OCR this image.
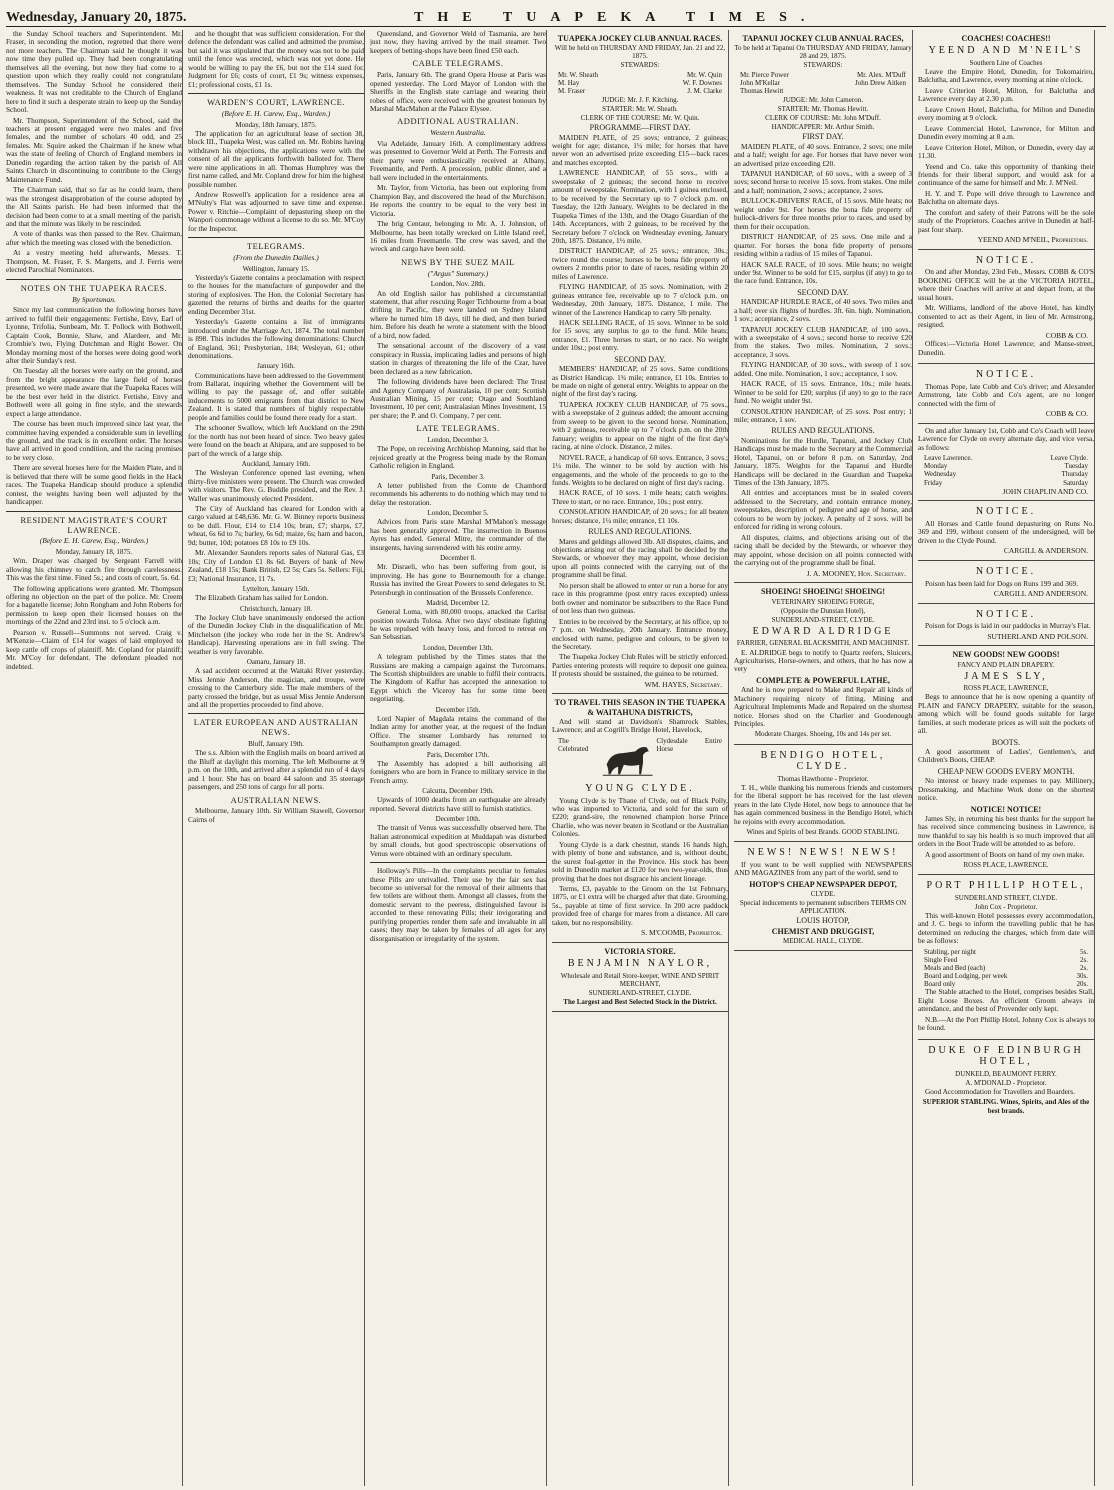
Wednesday, January 20, 1875.	THE TUAPEKA TIMES.

the Sunday School teachers and Superintendent. Mr. Fraser, in seconding the motion, regretted that there were not more teachers. The Chairman said he thought it was now time they pulled up. They had been congratulating themselves all the evening, but now they had come to a question upon which they really could not congratulate themselves. The Sunday School he considered their weakness. It was not creditable to the Church of England here to find it such a desperate strain to keep up the Sunday School.

Mr. Thompson, Superintendent of the School, said the teachers at present engaged were two males and five females, and the number of scholars 40 odd, and 25 females. Mr. Squire asked the Chairman if he knew what was the state of feeling of Church of England members in Dunedin regarding the action taken by the parish of All Saints Church in discontinuing to contribute to the Clergy Maintenance Fund.

The Chairman said, that so far as he could learn, there was the strongest disapprobation of the course adopted by the All Saints parish. He had been informed that the decision had been come to at a small meeting of the parish, and that the minute was likely to be rescinded.

A vote of thanks was then passed to the Rev. Chairman, after which the meeting was closed with the benediction.

At a vestry meeting held afterwards, Messrs. T. Thompson, M. Fraser, F. S. Margetts, and J. Ferris were elected Parochial Nominators.

NOTES ON THE TUAPEKA RACES.
By Sportsman.

Since my last communication the following horses have arrived to fulfil their engagements: Fertishe, Envy, Earl of Lyonne, Trifolia, Sunbeam, Mr. T. Pollock with Bothwell, Captain Cook, Bonnie, Shaw, and Alardeer, and Mr. Crombie's two, Flying Dutchman and Right Bower. On Monday morning most of the horses were doing good work after their Sunday's rest.

On Tuesday all the horses were early on the ground, and from the bright appearance the large field of horses presented, we were made aware that the Tuapeka Races will be the best ever held in the district. Fertishe, Envy and Bothwell were all going in fine style, and the stewards expect a large attendance.

The course has been much improved since last year, the committee having expended a considerable sum in levelling the ground, and the track is in excellent order. The horses have all arrived in good condition, and the racing promises to be very close.

There are several horses here for the Maiden Plate, and it is believed that there will be some good fields in the Hack races. The Tuapeka Handicap should produce a splendid contest, the weights having been well adjusted by the handicapper.

RESIDENT MAGISTRATE'S COURT LAWRENCE.
(Before E. H. Carew, Esq., Warden.)
Monday, January 18, 1875.

Wm. Draper was charged by Sergeant Farrell with allowing his chimney to catch fire through carelessness. This was the first time. Fined 5s.; and costs of court, 5s. 6d.

The following applications were granted. Mr. Thompson offering no objection on the part of the police. Mr. Creem for a bagatelle license; John Rongham and John Roberts for permission to keep open their licensed houses on the mornings of the 22nd and 23rd inst. to 5 o'clock a.m.

Pearson v. Russell—Summons not served. Craig v. M'Kenzie—Claim of £14 for wages of laid employed to keep cattle off crops of plaintiff. Mr. Copland for plaintiff; Mr. M'Coy for defendant. The defendant pleaded not indebted.

and he thought that was sufficient consideration. For the defence the defendant was called and admitted the promise, but said it was stipulated that the money was not to be paid until the fence was erected, which was not yet done. He would be willing to pay the £6, but not the £14 sued for. Judgment for £6; costs of court, £1 9s; witness expenses, £1; professional costs, £1 1s.

WARDEN'S COURT, LAWRENCE.
(Before E. H. Carew, Esq., Warden.)
Monday, 18th January, 1875.

The application for an agricultural lease of section 38, block III., Tuapeka West, was called on. Mr. Robins having withdrawn his objections, the applications were with the consent of all the applicants forthwith balloted for. There were nine applications in all. Thomas Humphrey was the first name called, and Mr. Copland drew for him the highest possible number.

Andrew Roswell's application for a residence area at M'Nulty's Flat was adjourned to save time and expense. Power v. Ritchie—Complaint of depasturing sheep on the Wanpori commonage without a license to do so. Mr. M'Coy for the Inspector.

TELEGRAMS.
(From the Dunedin Dailies.)
Wellington, January 15.

Yesterday's Gazette contains a proclamation with respect to the houses for the manufacture of gunpowder and the storing of explosives. The Hon. the Colonial Secretary has gazetted the returns of births and deaths for the quarter ending December 31st.

Yesterday's Gazette contains a list of immigrants introduced under the Marriage Act, 1874. The total number is 898. This includes the following denominations: Church of England, 361; Presbyterian, 184; Wesleyan, 61; other denominations.

January 16th.

Communications have been addressed to the Government from Ballarat, inquiring whether the Government will be willing to pay the passage of, and offer suitable inducements to 5000 emigrants from that district to New Zealand. It is stated that numbers of highly respectable people and families could be found there ready for a start.

The schooner Swallow, which left Auckland on the 29th for the north has not been heard of since. Two heavy gales were found on the beach at Ahipara, and are supposed to be part of the wreck of a large ship.

Auckland, January 16th.

The Wesleyan Conference opened last evening, when thirty-five ministers were present. The Church was crowded with visitors. The Rev. G. Buddle presided, and the Rev. J. Waller was unanimously elected President.

The City of Auckland has cleared for London with a cargo valued at £48,636. Mr. G. W. Binney reports business to be dull. Flour, £14 to £14 10s; bran, £7; sharps, £7, wheat, 6s 6d to 7s; barley, 6s 6d; maize, 6s; ham and bacon, 9d; butter, 10d; potatoes £8 10s to £9 10s.

Mr. Alexander Saunders reports sales of Natural Gas, £3 10s; City of London £1 8s 6d. Buyers of bank of New Zealand, £18 15s; Bank British, £2 5s; Cars 5s. Sellers: Fiji, £3; National Insurance, 11 7s.

Lyttelton, January 15th.

The Elizabeth Graham has sailed for London.

Christchurch, January 18.

The Jockey Club have unanimously endorsed the action of the Dunedin Jockey Club in the disqualification of Mr. Mitchelson (the jockey who rode her in the St. Andrew's Handicap). Harvesting operations are in full swing. The weather is very favorable.

Oamaru, January 18.

A sad accident occurred at the Waitaki River yesterday. Miss Jennie Anderson, the magician, and troupe, were crossing to the Canterbury side. The male members of the party crossed the bridge, but as usual Miss Jennie Anderson and all the properties proceeded to find above.

LATER EUROPEAN AND AUSTRALIAN NEWS.
Bluff, January 19th.

The s.s. Albion with the English mails on board arrived at the Bluff at daylight this morning. The left Melbourne at 9 p.m. on the 10th, and arrived after a splendid run of 4 days and 1 hour. She has on board 44 saloon and 35 steerage passengers, and 250 tons of cargo for all ports.

AUSTRALIAN NEWS.

Melbourne, January 10th. Sir William Stawell, Governor Cairns of

Queensland, and Governor Weld of Tasmania, are here just now, they having arrived by the mail steamer. Two keepers of betting-shops have been fined £50 each.

CABLE TELEGRAMS.

Paris, January 6th. The grand Opera House at Paris was opened yesterday. The Lord Mayor of London with the Sheriffs in the English state carriage and wearing their robes of office, were received with the greatest honours by Marshal MacMahon at the Palace Elysee.

ADDITIONAL AUSTRALIAN.
Western Australia.

Via Adelaide, January 16th. A complimentary address was presented to Governor Weld at Perth. The Forrests and their party were enthusiastically received at Albany, Freemantle, and Perth. A procession, public dinner, and a ball were included in the entertainments.

Mr. Taylor, from Victoria, has been out exploring from Champion Bay, and discovered the head of the Murchison. He reports the country to be equal to the very best in Victoria.

The brig Centaur, belonging to Mr. A. J. Johnston, of Melbourne, has been totally wrecked on Little Island reef, 16 miles from Freemantle. The crew was saved, and the wreck and cargo have been sold.

NEWS BY THE SUEZ MAIL
("Argus" Summary.)
London, Nov. 28th.

An old English sailor has published a circumstantial statement, that after rescuing Roger Tichbourne from a boat drifting in Pacific, they were landed on Sydney Island where he turned him 18 days, till he died, and then buried him. Before his death he wrote a statement with the blood of a bird, now faded.

The sensational account of the discovery of a vast conspiracy in Russia, implicating ladies and persons of high station in charges of threatening the life of the Czar, have been declared as a new fabrication.

The following dividends have been declared: The Trust and Agency Company of Australasia, 10 per cent; Scottish Australian Mining, 15 per cent; Otago and Southland Investment, 10 per cent; Australasian Mines Investment, 15 per share; the P. and O. Company, 7 per cent.

LATE TELEGRAMS.
London, December 3.

The Pope, on receiving Archbishop Manning, said that he rejoiced greatly at the Progress being made by the Roman Catholic religion in England.

Paris, December 3.

A letter published from the Comte de Chambord recommends his adherents to do nothing which may tend to delay the restoration.

London, December 5.

Advices from Paris state Marshal M'Mahon's message has been generally approved. The insurrection in Buenos Ayres has ended. General Mitre, the commander of the insurgents, having surrendered with his entire army.

December 8.

Mr. Disraeli, who has been suffering from gout, is improving. He has gone to Bournemouth for a change. Russia has invited the Great Powers to send delegates to St. Petersburgh in continuation of the Brussels Conference.

Madrid, December 12.

General Loma, with 80,000 troops, attacked the Carlist position towards Tolosa. After two days' obstinate fighting he was repulsed with heavy loss, and forced to retreat on San Sebastian.

London, December 13th.

A telegram published by the Times states that the Russians are making a campaign against the Turcomans. The Scottish shipbuilders are unable to fulfil their contracts. The Kingdom of Kaffur has accepted the annexation to Egypt which the Viceroy has for some time been negotiating.

December 15th.

Lord Napier of Magdala retains the command of the Indian army for another year, at the request of the Indian Office. The steamer Lombardy has returned to Southampton greatly damaged.

Paris, December 17th.

The Assembly has adopted a bill authorising all foreigners who are born in France to military service in the French army.

Calcutta, December 19th.

Upwards of 1000 deaths from an earthquake are already reported. Several districts have still to furnish statistics.

December 10th.

The transit of Venus was successfully observed here. The Italian astronomical expedition at Muddapah was disturbed by small clouds, but good spectroscopic observations of Venus were obtained with an ordinary speculum.

Holloway's Pills—In the complaints peculiar to females these Pills are unrivalled. Their use by the fair sex has become so universal for the removal of their ailments that few toilets are without them. Amongst all classes, from the domestic servant to the peeress, distinguished favour is accorded to these renovating Pills; their invigorating and purifying properties render them safe and invaluable in all cases; they may be taken by females of all ages for any disorganisation or irregularity of the system.

TUAPEKA JOCKEY CLUB ANNUAL RACES.
Will be held on THURSDAY AND FRIDAY, Jan. 21 and 22, 1875.
STEWARDS:
Mr. W. Sheath	Mr. W. Quin
M. Hay	W. F. Downes
M. Fraser	J. M. Clarke
JUDGE: Mr. J. F. Kitching.
STARTER: Mr. W. Sheath.
CLERK OF THE COURSE: Mr. W. Quin.
PROGRAMME—FIRST DAY.

MAIDEN PLATE, of 25 sovs; entrance, 2 guineas; weight for age; distance, 1¼ mile; for horses that have never won an advertised prize exceeding £15—back races and matches excepted.

LAWRENCE HANDICAP, of 55 sovs., with a sweepstake of 2 guineas; the second horse to receive amount of sweepstake. Nomination, with 1 guinea enclosed, to be received by the Secretary up to 7 o'clock p.m. on Tuesday, the 12th January. Weights to be declared in the Tuapeka Times of the 13th, and the Otago Guardian of the 14th. Acceptances, with 2 guineas, to be received by the Secretary before 7 o'clock on Wednesday evening, January 20th, 1875. Distance, 1½ mile.

DISTRICT HANDICAP, of 25 sovs.; entrance, 30s.; twice round the course; horses to be bona fide property of owners 2 months prior to date of races, residing within 20 miles of Lawrence.

FLYING HANDICAP, of 35 sovs. Nomination, with 2 guineas entrance fee, receivable up to 7 o'clock p.m. on Wednesday, 20th January, 1875. Distance, 1 mile. The winner of the Lawrence Handicap to carry 5lb penalty.

HACK SELLING RACE, of 15 sovs. Winner to be sold for 15 sovs; any surplus to go to the fund. Mile heats; entrance, £1. Three horses to start, or no race. No weight under 10st.; post entry.

SECOND DAY.

MEMBERS' HANDICAP, of 25 sovs. Same conditions as District Handicap. 1¾ mile; entrance, £1 10s. Entries to be made on night of general entry. Weights to appear on the night of the first day's racing.

TUAPEKA JOCKEY CLUB HANDICAP, of 75 sovs., with a sweepstake of 2 guineas added; the amount accruing from sweep to be given to the second horse. Nomination, with 2 guineas, receivable up to 7 o'clock p.m. on the 20th January; weights to appear on the night of the first day's racing, at nine o'clock. Distance, 2 miles.

NOVEL RACE, a handicap of 60 sovs. Entrance, 3 sovs.; 1¼ mile. The winner to be sold by auction with his engagements, and the whole of the proceeds to go to the funds. Weights to be declared on night of first day's racing.

HACK RACE, of 10 sovs. 1 mile heats; catch weights. Three to start, or no race. Entrance, 10s.; post entry.

CONSOLATION HANDICAP, of 20 sovs.; for all beaten horses; distance, 1¼ mile; entrance, £1 10s.

RULES AND REGULATIONS.

Mares and geldings allowed 3lb. All disputes, claims, and objections arising out of the racing shall be decided by the Stewards, or whoever they may appoint, whose decision upon all points connected with the carrying out of the programme shall be final.

No person shall be allowed to enter or run a horse for any race in this programme (post entry races excepted) unless both owner and nominator be subscribers to the Race Fund of not less than two guineas.

Entries to be received by the Secretary, at his office, up to 7 p.m. on Wednesday, 20th January. Entrance money, enclosed with name, pedigree and colours, to be given to the Secretary.

The Tuapeka Jockey Club Rules will be strictly enforced. Parties entering protests will require to deposit one guinea. If protests should be sustained, the guinea to be returned.

WM. HAYES, Secretary.
TO TRAVEL THIS SEASON IN THE TUAPEKA & WAITAHUNA DISTRICTS,

And will stand at Davidson's Shamrock Stables, Lawrence; and at Cogrill's Bridge Hotel, Havelock,

The Celebrated
Clydesdale Entire Horse
YOUNG CLYDE.

Young Clyde is by Thane of Clyde, out of Black Polly, who was imported to Victoria, and sold for the sum of £220; grand-sire, the renowned champion horse Prince Charlie, who was never beaten in Scotland or the Australian Colonies.

Young Clyde is a dark chestnut, stands 16 hands high, with plenty of bone and substance, and is, without doubt, the surest foal-getter in the Province. His stock has been sold in Dunedin market at £120 for two two-year-olds, thus proving that he does not disgrace his ancient lineage.

Terms, £3, payable to the Groom on the 1st February, 1875, or £1 extra will be charged after that date. Grooming, 5s., payable at time of first service. In 200 acre paddock provided free of charge for mares from a distance. All care taken, but no responsibility.

S. M'COOMB, Proprietor.
VICTORIA STORE.
BENJAMIN NAYLOR,
Wholesale and Retail Store-keeper, WINE AND SPIRIT MERCHANT,
SUNDERLAND-STREET, CLYDE.
The Largest and Best Selected Stock in the District.
TAPANUI JOCKEY CLUB ANNUAL RACES,
To be held at Tapanui On THURSDAY AND FRIDAY, January 28 and 29, 1875.
STEWARDS:
Mr. Pierce Power	Mr. Alex. M'Duff
John M'Kellar	John Drew Aitken
Thomas Hewitt
JUDGE: Mr. John Cameron.
STARTER: Mr. Thomas Hewitt.
CLERK OF COURSE: Mr. John M'Duff.
HANDICAPPER: Mr. Arthur Smith.
FIRST DAY.

MAIDEN PLATE, of 40 sovs. Entrance, 2 sovs; one mile and a half; weight for age. For horses that have never won an advertised prize exceeding £20.

TAPANUI HANDICAP, of 60 sovs., with a sweep of 3 sovs; second horse to receive 15 sovs. from stakes. One mile and a half; nomination, 2 sovs.; acceptance, 2 sovs.

BULLOCK-DRIVERS' RACE, of 15 sovs. Mile heats; no weight under 9st. For horses the bona fide property of bullock-drivers for three months prior to races, and used by them for their occupation.

DISTRICT HANDICAP, of 25 sovs. One mile and a quarter. For horses the bona fide property of persons residing within a radius of 15 miles of Tapanui.

HACK SALE RACE, of 10 sovs. Mile heats; no weight under 9st. Winner to be sold for £15, surplus (if any) to go to the race fund. Entrance, 10s.

SECOND DAY.

HANDICAP HURDLE RACE, of 40 sovs. Two miles and a half; over six flights of hurdles. 3ft. 6in. high. Nomination, 1 sov.; acceptance, 2 sovs.

TAPANUI JOCKEY CLUB HANDICAP, of 100 sovs., with a sweepstake of 4 sovs.; second horse to receive £20 from the stakes. Two miles. Nomination, 2 sovs.; acceptance, 3 sovs.

FLYING HANDICAP, of 30 sovs., with sweep of 1 sov. added. One mile. Nomination, 1 sov.; acceptance, 1 sov.

HACK RACE, of 15 sovs. Entrance, 10s.; mile heats. Winner to be sold for £20; surplus (if any) to go to the race fund. No weight under 9st.

CONSOLATION HANDICAP, of 25 sovs. Post entry; 1 mile; entrance, 1 sov.

RULES AND REGULATIONS.

Nominations for the Hurdle, Tapanui, and Jockey Club Handicaps must be made to the Secretary at the Commercial Hotel, Tapanui, on or before 8 p.m. on Saturday, 2nd January, 1875. Weights for the Tapanui and Hurdle Handicaps will be declared in the Guardian and Tuapeka Times of the 13th January, 1875.

All entries and acceptances must be in sealed covers addressed to the Secretary, and contain entrance money, sweepstakes, description of pedigree and age of horse, and colours to be worn by jockey. A penalty of 2 sovs. will be enforced for riding in wrong colours.

All disputes, claims, and objections arising out of the racing shall be decided by the Stewards, or whoever they may appoint, whose decision on all points connected with the carrying out of the programme shall be final.

J. A. MOONEY, Hon. Secretary.
SHOEING! SHOEING! SHOEING!
VETERINARY SHOEING FORGE,
(Opposite the Dunstan Hotel),
SUNDERLAND-STREET, CLYDE.
EDWARD ALDRIDGE
FARRIER, GENERAL BLACKSMITH, AND MACHINIST.

E. ALDRIDGE begs to notify to Quartz reefers, Sluicers, Agriculturists, Horse-owners, and others, that he has now a very

COMPLETE & POWERFUL LATHE,

And he is now prepared to Make and Repair all kinds of Machinery requiring nicety of fitting. Mining and Agricultural Implements Made and Repaired on the shortest notice. Horses shod on the Charlier and Goodenough Principles.

Moderate Charges. Shoeing, 10s and 14s per set.
BENDIGO HOTEL, CLYDE.
Thomas Hawthorne - Proprietor.

T. H., while thanking his numerous friends and customers for the liberal support he has received for the last eleven years in the late Clyde Hotel, now begs to announce that he has again commenced business in the Bendigo Hotel, which he rejoins with every accommodation.

Wines and Spirits of best Brands. GOOD STABLING.
NEWS! NEWS! NEWS!

If you want to be well supplied with NEWSPAPERS AND MAGAZINES from any part of the world, send to

HOTOP'S CHEAP NEWSPAPER DEPOT,
CLYDE.
Special inducements to permanent subscribers TERMS ON APPLICATION.
LOUIS HOTOP,
CHEMIST AND DRUGGIST,
MEDICAL HALL, CLYDE.
COACHES! COACHES!!
YEEND AND M'NEIL'S
Southern Line of Coaches

Leave the Empire Hotel, Dunedin, for Tokomairiro, Balclutha, and Lawrence, every morning at nine o'clock.

Leave Criterion Hotel, Milton, for Balclutha and Lawrence every day at 2.30 p.m.

Leave Crown Hotel, Balclutha, for Milton and Dunedin every morning at 9 o'clock.

Leave Commercial Hotel, Lawrence, for Milton and Dunedin every morning at 8 a.m.

Leave Criterion Hotel, Milton, or Dunedin, every day at 11.30.

Yeend and Co. take this opportunity of thanking their friends for their liberal support, and would ask for a continuance of the same for himself and Mr. J. M'Neil.

H. Y. and T. Pope will drive through to Lawrence and Balclutha on alternate days.

The comfort and safety of their Patrons will be the sole study of the Proprietors. Coaches arrive in Dunedin at half-past four sharp.

YEEND AND M'NEIL, Proprietors.
NOTICE.

On and after Monday, 23rd Feb., Messrs. COBB & CO'S BOOKING OFFICE will be at the VICTORIA HOTEL, where their Coaches will arrive at and depart from, at the usual hours.

Mr. Williams, landlord of the above Hotel, has kindly consented to act as their Agent, in lieu of Mr. Armstrong, resigned.

COBB & CO.

Offices:—Victoria Hotel Lawrence; and Manse-street, Dunedin.

NOTICE.

Thomas Pope, late Cobb and Co's driver; and Alexander Armstrong, late Cobb and Co's agent, are no longer connected with the firm of

COBB & CO.

On and after January 1st, Cobb and Co's Coach will leave Lawrence for Clyde on every alternate day, and vice versa, as follows:

Leave Lawrence.	Leave Clyde.
Monday	Tuesday
Wednesday	Thursday
Friday	Saturday
JOHN CHAPLIN AND CO.
NOTICE.

All Horses and Cattle found depasturing on Runs No. 369 and 199, without consent of the undersigned, will be driven to the Clyde Pound.

CARGILL & ANDERSON.
NOTICE.

Poison has been laid for Dogs on Runs 199 and 369.

CARGILL AND ANDERSON.
NOTICE.

Poison for Dogs is laid in our paddocks in Murray's Flat.

SUTHERLAND AND POLSON.
NEW GOODS! NEW GOODS!
FANCY AND PLAIN DRAPERY.
JAMES SLY,
ROSS PLACE, LAWRENCE,

Begs to announce that he is now opening a quantity of PLAIN and FANCY DRAPERY, suitable for the season, among which will be found goods suitable for large families, at such moderate prices as will suit the pockets of all.

BOOTS.

A good assortment of Ladies', Gentlemen's, and Children's Boots, CHEAP.

CHEAP NEW GOODS EVERY MONTH.

No interest or heavy trade expenses to pay. Millinery, Dressmaking, and Machine Work done on the shortest notice.

NOTICE! NOTICE!

James Sly, in returning his best thanks for the support he has received since commencing business in Lawrence, is now thankful to say his health is so much improved that all orders in the Boot Trade will be attended to as before.

A good assortment of Boots on hand of my own make.

ROSS PLACE, LAWRENCE.
PORT PHILLIP HOTEL,
SUNDERLAND STREET, CLYDE.
John Cox - Proprietor.

This well-known Hotel possesses every accommodation, and J. C. begs to inform the travelling public that he has determined on reducing the charges, which from date will be as follows:

Stabling, per night	5s.
Single Feed	2s.
Meals and Bed (each)	2s.
Board and Lodging, per week	30s.
Board only	20s.

The Stable attached to the Hotel, comprises besides Stall, Eight Loose Boxes. An efficient Groom always in attendance, and the best of Provender only kept.

N.B.—At the Port Phillip Hotel, Johnny Cox is always to be found.

DUKE OF EDINBURGH HOTEL,
DUNKELD, BEAUMONT FERRY.
A. M'DONALD - Proprietor.

Good Accommodation for Travellers and Boarders.

SUPERIOR STABLING. Wines, Spirits, and Ales of the best brands.
